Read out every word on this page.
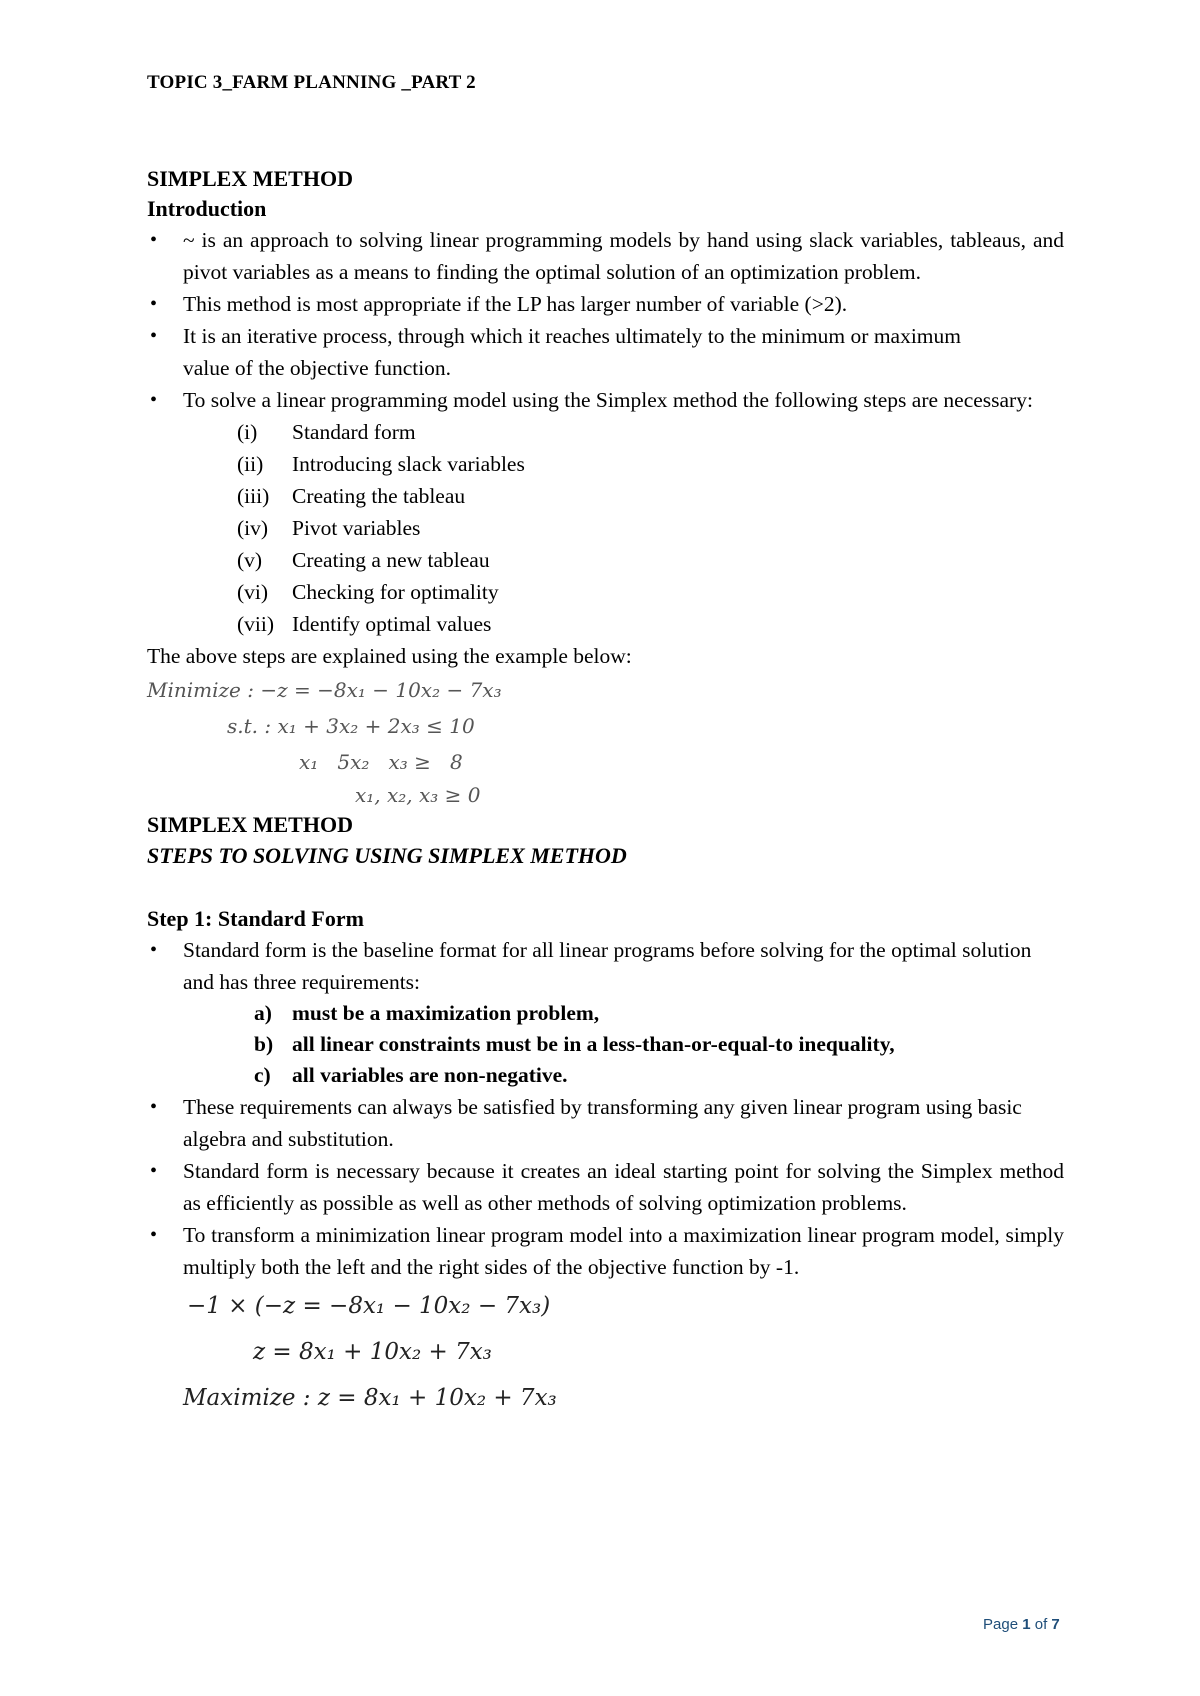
TOPIC 3_FARM PLANNING _PART 2
SIMPLEX METHOD
Introduction
• ~ is an approach to solving linear programming models by hand using slack variables, tableaus, and pivot variables as a means to finding the optimal solution of an optimization problem.
• This method is most appropriate if the LP has larger number of variable (>2).
• It is an iterative process, through which it reaches ultimately to the minimum or maximum value of the objective function.
• To solve a linear programming model using the Simplex method the following steps are necessary:
(i)	Standard form
(ii)	Introducing slack variables
(iii)	Creating the tableau
(iv)	Pivot variables
(v)	Creating a new tableau
(vi)	Checking for optimality
(vii) Identify optimal values
The above steps are explained using the example below:
Minimize : −z = −8x₁ − 10x₂ − 7x₃
s.t. : x₁ + 3x₂ + 2x₃ ≤ 10
x₁   5x₂   x₃ ≥   8
x₁, x₂, x₃ ≥ 0
SIMPLEX METHOD
STEPS TO SOLVING USING SIMPLEX METHOD
Step 1: Standard Form
• Standard form is the baseline format for all linear programs before solving for the optimal solution and has three requirements:
a) must be a maximization problem,
b) all linear constraints must be in a less-than-or-equal-to inequality,
c) all variables are non-negative.
• These requirements can always be satisfied by transforming any given linear program using basic algebra and substitution.
• Standard form is necessary because it creates an ideal starting point for solving the Simplex method as efficiently as possible as well as other methods of solving optimization problems.
• To transform a minimization linear program model into a maximization linear program model, simply multiply both the left and the right sides of the objective function by -1.
−1 × (−z = −8x₁ − 10x₂ − 7x₃)
z = 8x₁ + 10x₂ + 7x₃
Maximize : z = 8x₁ + 10x₂ + 7x₃
Page 1 of 7
